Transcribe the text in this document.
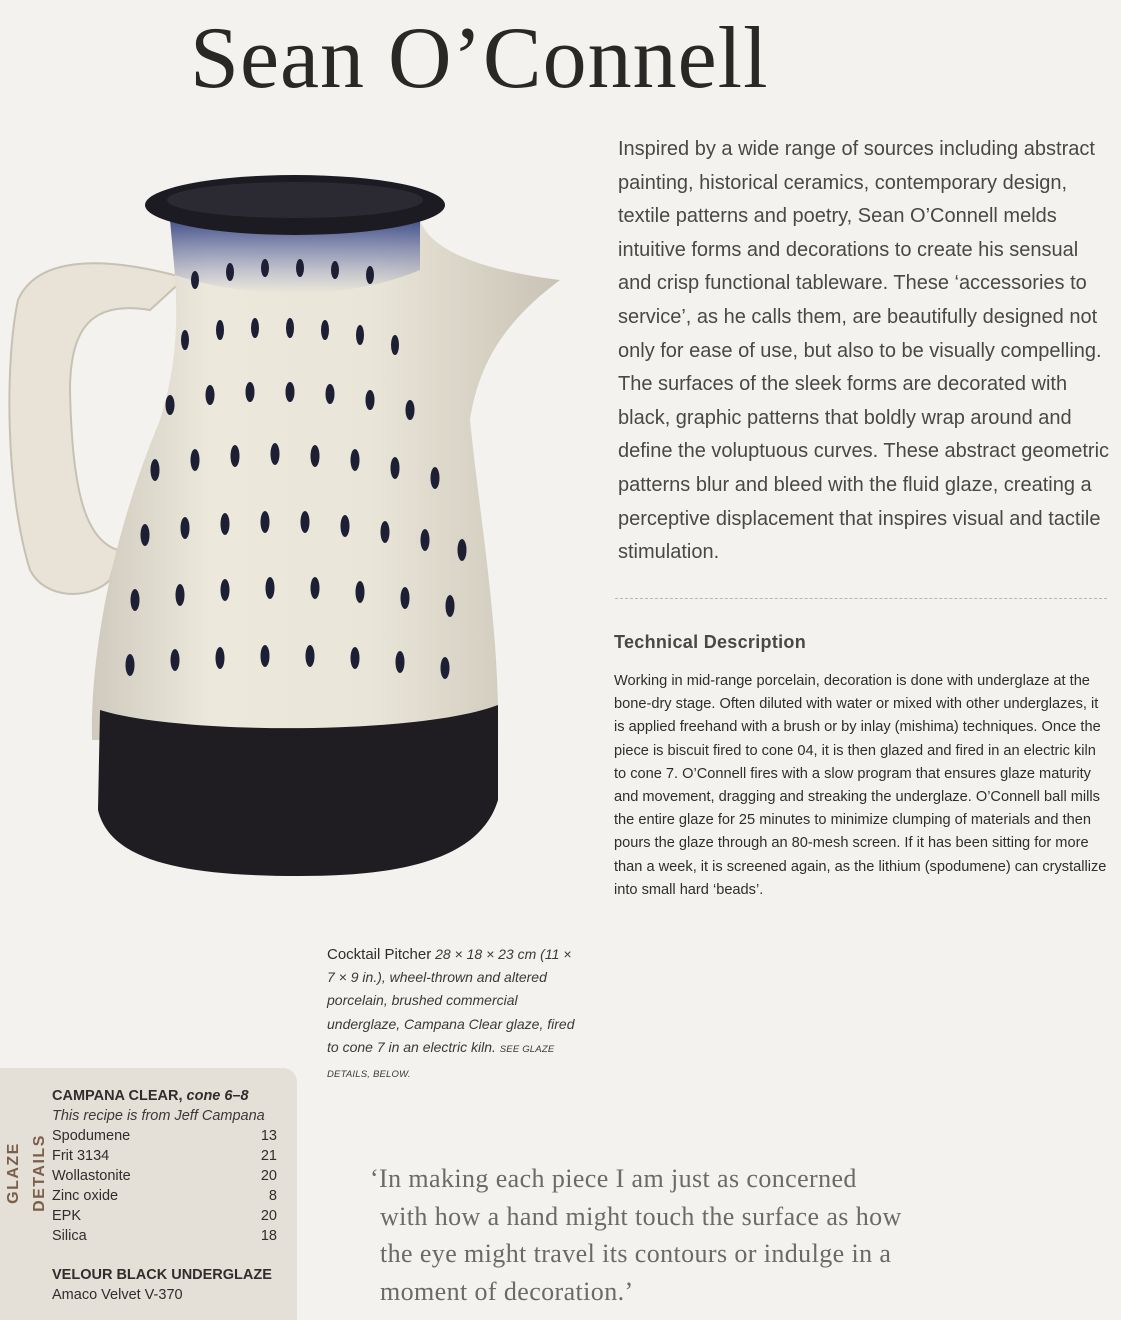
Sean O’Connell

Inspired by a wide range of sources including abstract painting, historical ceramics, contemporary design, textile patterns and poetry, Sean O’Connell melds intuitive forms and decorations to create his sensual and crisp functional tableware. These ‘accessories to service’, as he calls them, are beautifully designed not only for ease of use, but also to be visually compelling. The surfaces of the sleek forms are decorated with black, graphic patterns that boldly wrap around and define the voluptuous curves. These abstract geometric patterns blur and bleed with the fluid glaze, creating a perceptive displacement that inspires visual and tactile stimulation.

Technical Description

Working in mid-range porcelain, decoration is done with underglaze at the bone-dry stage. Often diluted with water or mixed with other underglazes, it is applied freehand with a brush or by inlay (mishima) techniques. Once the piece is biscuit fired to cone 04, it is then glazed and fired in an electric kiln to cone 7. O’Connell fires with a slow program that ensures glaze maturity and movement, dragging and streaking the underglaze. O’Connell ball mills the entire glaze for 25 minutes to minimize clumping of materials and then pours the glaze through an 80-mesh screen. If it has been sitting for more than a week, it is screened again, as the lithium (spodumene) can crystallize into small hard ‘beads’.

Cocktail Pitcher 28 × 18 × 23 cm (11 × 7 × 9 in.), wheel-thrown and altered porcelain, brushed commercial underglaze, Campana Clear glaze, fired to cone 7 in an electric kiln. SEE GLAZE DETAILS, BELOW.

GLAZE DETAILS
CAMPANA CLEAR, cone 6–8
This recipe is from Jeff Campana
Spodumene	13
Frit 3134	21
Wollastonite	20
Zinc oxide	8
EPK	20
Silica	18
VELOUR BLACK UNDERGLAZE
Amaco Velvet V-370

‘In making each piece I am just as concerned
with how a hand might touch the surface as how
the eye might travel its contours or indulge in a
moment of decoration.’
